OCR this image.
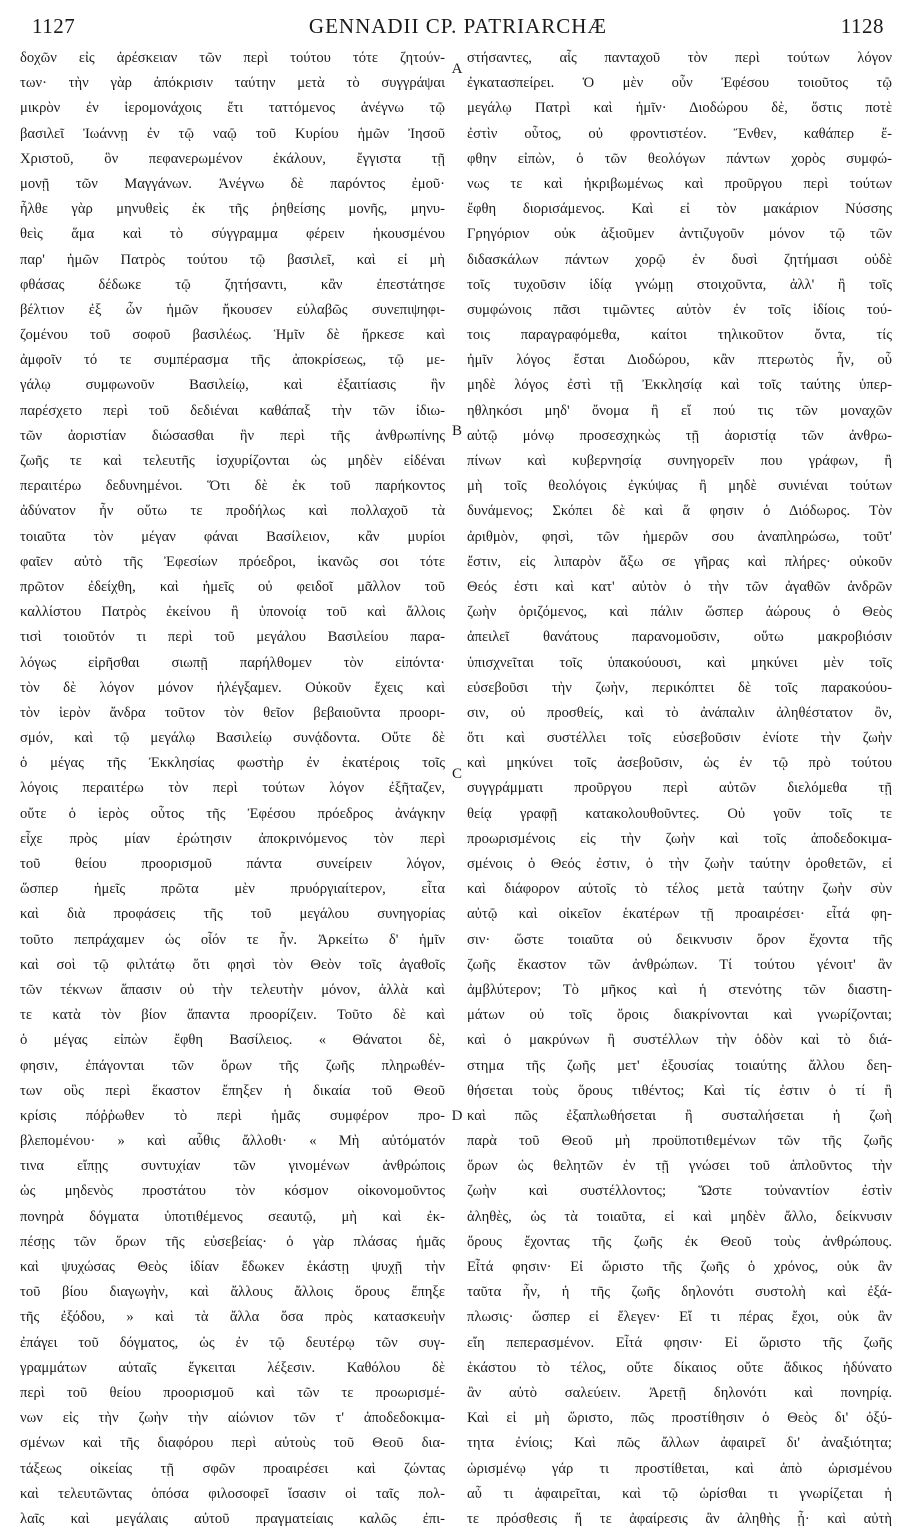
1127	GENNADII CP. PATRIARCHÆ	1128
δοχῶν εἰς ἀρέσκειαν τῶν περὶ τούτου τότε ζητούν-
των· τὴν γὰρ ἀπόκρισιν ταύτην μετὰ τὸ συγγράψαι
μικρὸν ἐν ἱερομονάχοις ἔτι ταττόμενος ἀνέγνω τῷ
βασιλεῖ Ἰωάννῃ ἐν τῷ ναῷ τοῦ Κυρίου ἡμῶν Ἰησοῦ
Χριστοῦ, ὃν πεφανερωμένον ἐκάλουν, ἔγγιστα τῇ
μονῇ τῶν Μαγγάνων. Ἀνέγνω δὲ παρόντος ἐμοῦ·
ἦλθε γὰρ μηνυθεὶς ἐκ τῆς ῥηθείσης μονῆς, μηνυ-
θεὶς ἅμα καὶ τὸ σύγγραμμα φέρειν ἡκουσμένου
παρ' ἡμῶν Πατρὸς τούτου τῷ βασιλεῖ, καὶ εἰ μὴ
φθάσας δέδωκε τῷ ζητήσαντι, κἂν ἐπεστάτησε
βέλτιον ἐξ ὧν ἡμῶν ἤκουσεν εὐλαβῶς συνεπιψηφι-
ζομένου τοῦ σοφοῦ βασιλέως. Ἡμῖν δὲ ἤρκεσε καὶ
ἀμφοῖν τό τε συμπέρασμα τῆς ἀποκρίσεως, τῷ με-
γάλῳ συμφωνοῦν Βασιλείῳ, καὶ ἐξαιτίασις ἣν
παρέσχετο περὶ τοῦ δεδιέναι καθάπαξ τὴν τῶν ἰδιω-
τῶν ἀοριστίαν διώσασθαι ἣν περὶ τῆς ἀνθρωπίνης
ζωῆς τε καὶ τελευτῆς ἰσχυρίζονται ὡς μηδὲν εἰδέναι
περαιτέρω δεδυνημένοι. Ὅτι δὲ ἐκ τοῦ παρήκοντος
ἀδύνατον ἦν οὕτω τε προδήλως καὶ πολλαχοῦ τὰ
τοιαῦτα τὸν μέγαν φάναι Βασίλειον, κἂν μυρίοι
φαῖεν αὐτὸ τῆς Ἐφεσίων πρόεδροι, ἱκανῶς σοι τότε
πρῶτον ἐδείχθη, καὶ ἡμεῖς οὐ φειδοῖ μᾶλλον τοῦ
καλλίστου Πατρὸς ἐκείνου ἢ ὑπονοίᾳ τοῦ καὶ ἄλλοις
τισὶ τοιοῦτόν τι περὶ τοῦ μεγάλου Βασιλείου παρα-
λόγως εἰρῆσθαι σιωπῇ παρήλθομεν τὸν εἰπόντα·
τὸν δὲ λόγον μόνον ἠλέγξαμεν. Οὐκοῦν ἔχεις καὶ
τὸν ἱερὸν ἄνδρα τοῦτον τὸν θεῖον βεβαιοῦντα προορι-
σμόν, καὶ τῷ μεγάλῳ Βασιλείῳ συνᾴδοντα. Οὔτε δὲ
ὁ μέγας τῆς Ἐκκλησίας φωστὴρ ἐν ἑκατέροις τοῖς
λόγοις περαιτέρω τὸν περὶ τούτων λόγον ἐξῆταζεν,
οὔτε ὁ ἱερὸς οὗτος τῆς Ἐφέσου πρόεδρος ἀνάγκην
εἶχε πρὸς μίαν ἐρώτησιν ἀποκρινόμενος τὸν περὶ
τοῦ θείου προορισμοῦ πάντα συνείρειν λόγον,
ὥσπερ ἡμεῖς πρῶτα μὲν πρυόργιαίτερον, εἶτα
καὶ διὰ προφάσεις τῆς τοῦ μεγάλου συνηγορίας
τοῦτο πεπράχαμεν ὡς οἷόν τε ἦν. Ἀρκείτω δ' ἡμῖν
καὶ σοὶ τῷ φιλτάτῳ ὅτι φησὶ τὸν Θεὸν τοῖς ἀγαθοῖς
τῶν τέκνων ἅπασιν οὐ τὴν τελευτὴν μόνον, ἀλλὰ καὶ
τε κατὰ τὸν βίον ἅπαντα προορίζειν. Τοῦτο δὲ καὶ
ὁ μέγας εἰπὼν ἔφθη Βασίλειος. « Θάνατοι δὲ,
φησιν, ἐπάγονται τῶν ὅρων τῆς ζωῆς πληρωθέν-
των οὓς περὶ ἕκαστον ἔπηξεν ἡ δικαία τοῦ Θεοῦ
κρίσις πόῤῥωθεν τὸ περὶ ἡμᾶς συμφέρον προ-
βλεπομένου· » καὶ αὖθις ἄλλοθι· « Μὴ αὐτόματόν
τινα εἴπῃς συντυχίαν τῶν γινομένων ἀνθρώποις
ὡς μηδενὸς προστάτου τὸν κόσμον οἰκονομοῦντος
πονηρὰ δόγματα ὑποτιθέμενος σεαυτῷ, μὴ καὶ ἐκ-
πέσῃς τῶν ὅρων τῆς εὐσεβείας· ὁ γὰρ πλάσας ἡμᾶς
καὶ ψυχώσας Θεὸς ἰδίαν ἔδωκεν ἑκάστῃ ψυχῇ τὴν
τοῦ βίου διαγωγὴν, καὶ ἄλλους ἄλλοις ὅρους ἔπηξε
τῆς ἐξόδου, » καὶ τὰ ἄλλα ὅσα πρὸς κατασκευὴν
ἐπάγει τοῦ δόγματος, ὡς ἐν τῷ δευτέρῳ τῶν συγ-
γραμμάτων αὐταῖς ἔγκειται λέξεσιν. Καθόλου δὲ
περὶ τοῦ θείου προορισμοῦ καὶ τῶν τε προωρισμέ-
νων εἰς τὴν ζωὴν τὴν αἰώνιον τῶν τ' ἀποδεδοκιμα-
σμένων καὶ τῆς διαφόρου περὶ αὐτοὺς τοῦ Θεοῦ δια-
τάξεως οἰκείας τῇ σφῶν προαιρέσει καὶ ζώντας
καὶ τελευτῶντας ὁπόσα φιλοσοφεῖ ἴσασιν οἱ ταῖς πολ-
λαῖς καὶ μεγάλαις αὐτοῦ πραγματείαις καλῶς ἐπι-
A
B
C
D
στήσαντες, αἷς πανταχοῦ τὸν περὶ τούτων λόγον
ἐγκατασπείρει. Ὁ μὲν οὖν Ἐφέσου τοιοῦτος τῷ
μεγάλῳ Πατρὶ καὶ ἡμῖν· Διοδώρου δὲ, ὅστις ποτὲ
ἐστὶν οὗτος, οὐ φροντιστέον. Ἔνθεν, καθάπερ ἔ-
φθην εἰπὼν, ὁ τῶν θεολόγων πάντων χορὸς συμφώ-
νως τε καὶ ἠκριβωμένως καὶ προῦργου περὶ τούτων
ἔφθη διορισάμενος. Καὶ εἰ τὸν μακάριον Νύσσης
Γρηγόριον οὐκ ἀξιοῦμεν ἀντιζυγοῦν μόνον τῷ τῶν
διδασκάλων πάντων χορῷ ἐν δυσὶ ζητήμασι οὐδὲ
τοῖς τυχοῦσιν ἰδίᾳ γνώμῃ στοιχοῦντα, ἀλλ' ἢ τοῖς
συμφώνοις πᾶσι τιμῶντες αὐτὸν ἐν τοῖς ἰδίοις τού-
τοις παραγραφόμεθα, καίτοι τηλικοῦτον ὄντα, τίς
ἡμῖν λόγος ἔσται Διοδώρου, κἂν πτερωτὸς ἦν, οὗ
μηδὲ λόγος ἐστὶ τῇ Ἐκκλησίᾳ καὶ τοῖς ταύτης ὑπερ-
ηθληκόσι μηδ' ὄνομα ἢ εἴ πού τις τῶν μοναχῶν
αὐτῷ μόνῳ προσεσχηκὼς τῇ ἀοριστίᾳ τῶν ἀνθρω-
πίνων καὶ κυβερνησίᾳ συνηγορεῖν που γράφων, ἢ
μὴ τοῖς θεολόγοις ἐγκύψας ἢ μηδὲ συνιέναι τούτων
δυνάμενος; Σκόπει δὲ καὶ ἅ φησιν ὁ Διόδωρος. Τὸν
ἀριθμὸν, φησὶ, τῶν ἡμερῶν σου ἀναπληρώσω, τοῦτ'
ἔστιν, εἰς λιπαρὸν ἄξω σε γῆρας καὶ πλήρες· οὐκοῦν
Θεός ἐστι καὶ κατ' αὐτὸν ὁ τὴν τῶν ἀγαθῶν ἀνδρῶν
ζωὴν ὁριζόμενος, καὶ πάλιν ὥσπερ ἀώρους ὁ Θεὸς
ἀπειλεῖ θανάτους παρανομοῦσιν, οὕτω μακροβιόσιν
ὑπισχνεῖται τοῖς ὑπακούουσι, καὶ μηκύνει μὲν τοῖς
εὐσεβοῦσι τὴν ζωὴν, περικόπτει δὲ τοῖς παρακούου-
σιν, οὐ προσθείς, καὶ τὸ ἀνάπαλιν ἀληθέστατον ὂν,
ὅτι καὶ συστέλλει τοῖς εὐσεβοῦσιν ἐνίοτε τὴν ζωὴν
καὶ μηκύνει τοῖς ἀσεβοῦσιν, ὡς ἐν τῷ πρὸ τούτου
συγγράμματι προῦργου περὶ αὐτῶν διελόμεθα τῇ
θείᾳ γραφῇ κατακολουθοῦντες. Οὐ γοῦν τοῖς τε
προωρισμένοις εἰς τὴν ζωὴν καὶ τοῖς ἀποδεδοκιμα-
σμένοις ὁ Θεός ἐστιν, ὁ τὴν ζωὴν ταύτην ὁροθετῶν, εἰ
καὶ διάφορον αὐτοῖς τὸ τέλος μετὰ ταύτην ζωὴν σὺν
αὐτῷ καὶ οἰκεῖον ἑκατέρων τῇ προαιρέσει· εἶτά φη-
σιν· ὥστε τοιαῦτα οὐ δεικνυσιν ὅρον ἔχοντα τῆς
ζωῆς ἕκαστον τῶν ἀνθρώπων. Τί τούτου γένοιτ' ἂν
ἀμβλύτερον; Τὸ μῆκος καὶ ἡ στενότης τῶν διαστη-
μάτων οὐ τοῖς ὅροις διακρίνονται καὶ γνωρίζονται;
καὶ ὁ μακρύνων ἢ συστέλλων τὴν ὁδὸν καὶ τὸ διά-
στημα τῆς ζωῆς μετ' ἐξουσίας τοιαύτης ἄλλου δεη-
θήσεται τοὺς ὅρους τιθέντος; Καὶ τίς ἐστιν ὁ τί ἢ
καὶ πῶς ἐξαπλωθήσεται ἢ συσταλήσεται ἡ ζωὴ
παρὰ τοῦ Θεοῦ μὴ προϋποτιθεμένων τῶν τῆς ζωῆς
ὅρων ὡς θελητῶν ἐν τῇ γνώσει τοῦ ἁπλοῦντος τὴν
ζωὴν καὶ συστέλλοντος; Ὥστε τοὐναντίον ἐστὶν
ἀληθὲς, ὡς τὰ τοιαῦτα, εἰ καὶ μηδὲν ἄλλο, δείκνυσιν
ὅρους ἔχοντας τῆς ζωῆς ἐκ Θεοῦ τοὺς ἀνθρώπους.
Εἶτά φησιν· Εἰ ὥριστο τῆς ζωῆς ὁ χρόνος, οὐκ ἂν
ταῦτα ἦν, ἡ τῆς ζωῆς δηλονότι συστολὴ καὶ ἐξά-
πλωσις· ὥσπερ εἰ ἔλεγεν· Εἴ τι πέρας ἔχοι, οὐκ ἂν
εἴη πεπερασμένον. Εἶτά φησιν· Εἰ ὥριστο τῆς ζωῆς
ἑκάστου τὸ τέλος, οὔτε δίκαιος οὔτε ἄδικος ἠδύνατο
ἂν αὐτὸ σαλεύειν. Ἀρετῇ δηλονότι καὶ πονηρίᾳ.
Καὶ εἰ μὴ ὥριστο, πῶς προστίθησιν ὁ Θεὸς δι' ὀξύ-
τητα ἐνίοις; Καὶ πῶς ἄλλων ἀφαιρεῖ δι' ἀναξιότητα;
ὡρισμένῳ γάρ τι προστίθεται, καὶ ἀπὸ ὡρισμένου
αὖ τι ἀφαιρεῖται, καὶ τῷ ὡρίσθαι τι γνωρίζεται ἡ
τε πρόσθεσις ἥ τε ἀφαίρεσις ἂν ἀληθὴς ᾖ· καὶ αὐτὴ
